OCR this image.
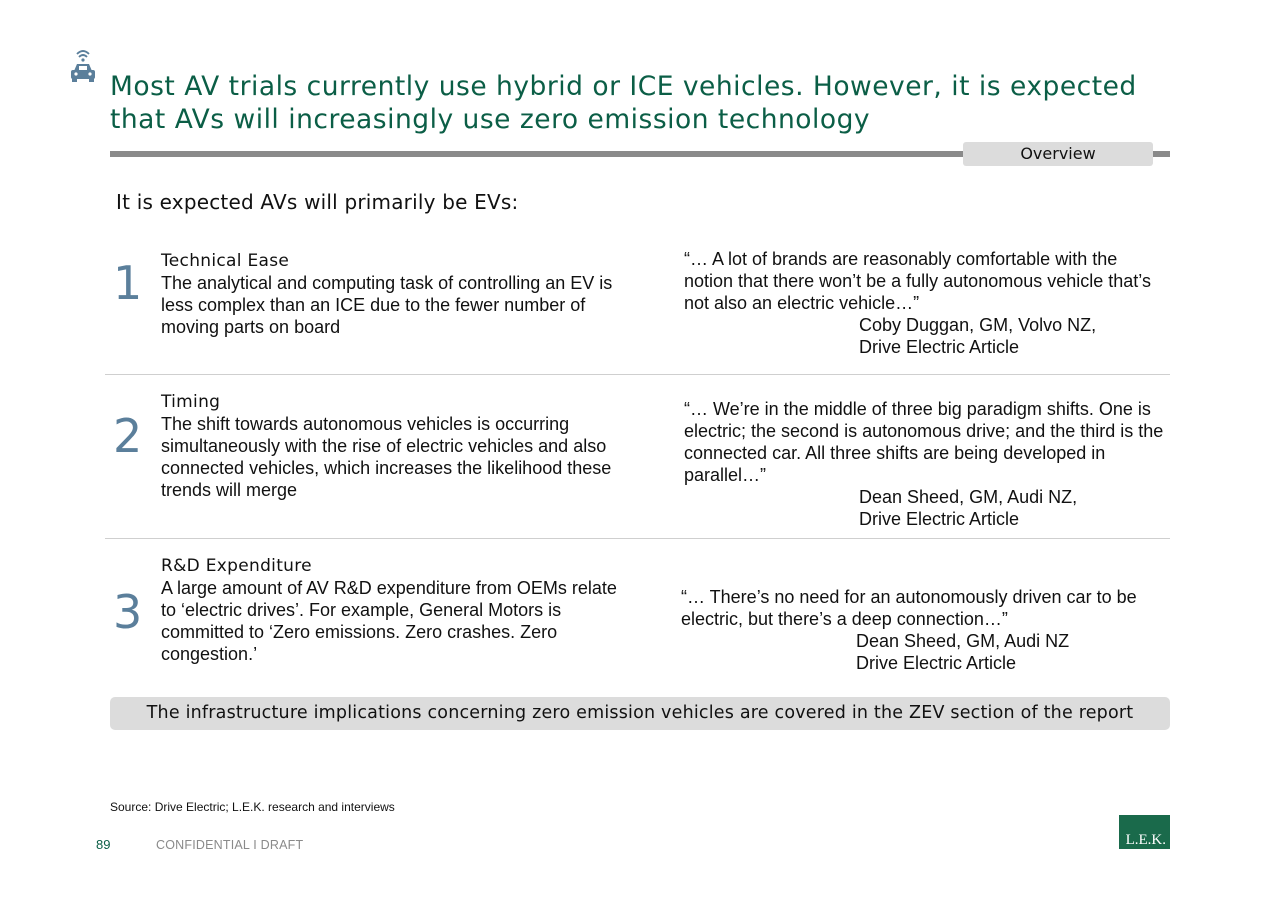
Most AV trials currently use hybrid or ICE vehicles. However, it is expected that AVs will increasingly use zero emission technology
Overview
It is expected AVs will primarily be EVs:
1 Technical Ease
The analytical and computing task of controlling an EV is less complex than an ICE due to the fewer number of moving parts on board
“… A lot of brands are reasonably comfortable with the notion that there won’t be a fully autonomous vehicle that’s not also an electric vehicle…”
Coby Duggan, GM, Volvo NZ,
Drive Electric Article
2
Timing
The shift towards autonomous vehicles is occurring simultaneously with the rise of electric vehicles and also connected vehicles, which increases the likelihood these trends will merge
“… We’re in the middle of three big paradigm shifts. One is electric; the second is autonomous drive; and the third is the connected car. All three shifts are being developed in parallel…”
Dean Sheed, GM, Audi NZ,
Drive Electric Article
3
R&D Expenditure
A large amount of AV R&D expenditure from OEMs relate to ‘electric drives’. For example, General Motors is committed to ‘Zero emissions. Zero crashes. Zero congestion.’
“… There’s no need for an autonomously driven car to be electric, but there’s a deep connection…”
Dean Sheed, GM, Audi NZ
Drive Electric Article
The infrastructure implications concerning zero emission vehicles are covered in the ZEV section of the report
Source: Drive Electric; L.E.K. research and interviews
89	CONFIDENTIAL I DRAFT	L.E.K.
